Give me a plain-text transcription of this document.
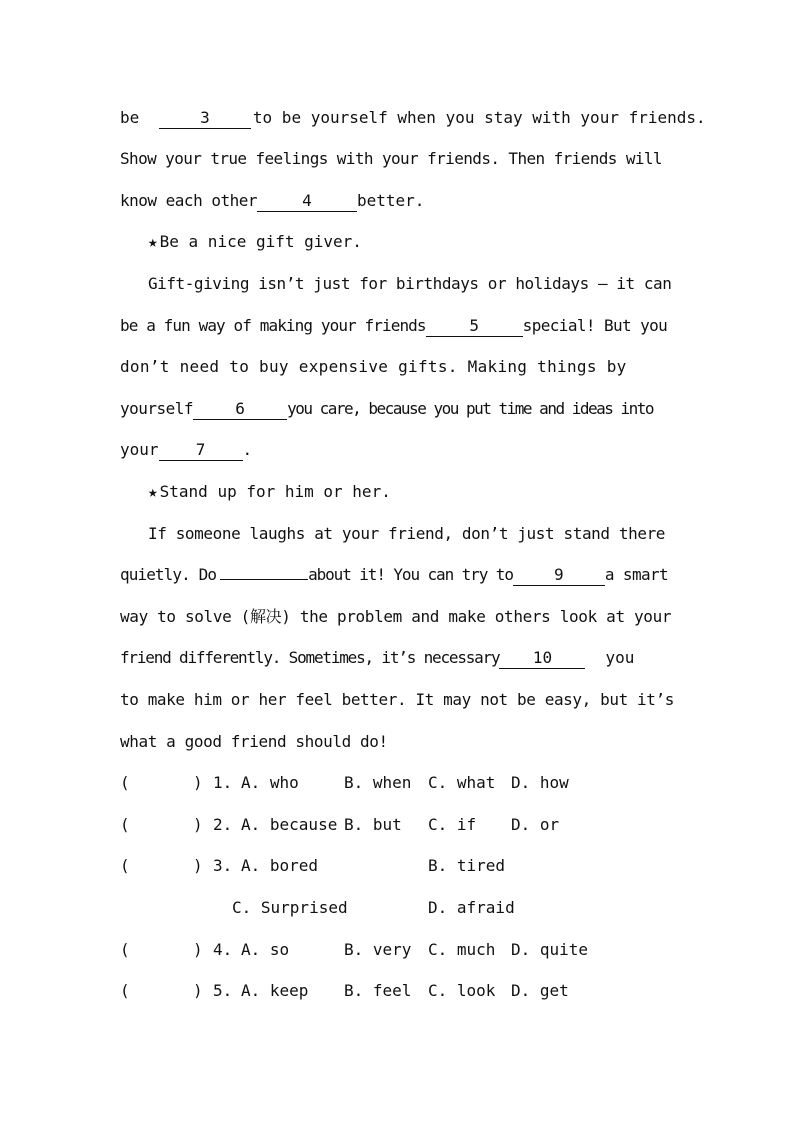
be	3	to be yourself when you stay with your friends.
Show your true feelings with your friends. Then friends will
know each other	4	better.
★ Be a nice gift giver.
Gift-giving isn’t just for birthdays or holidays — it can
be a fun way of making your friends	5	special! But you
don’t need to buy expensive gifts. Making things by
yourself	6	you care, because you put time and ideas into
your 7 .
★ Stand up for him or her.
If someone laughs at your friend, don’t just stand there
quietly. Do	about it! You can try to	9	a smart
way to solve (解决) the problem and make others look at your
friend differently. Sometimes, it’s necessary 10	you
to make him or her feel better. It may not be easy, but it’s
what a good friend should do!
(	) 1. A. who	B. when C. what D. how
(	) 2. A. because B. but C. if D. or
(	) 3. A. bored	B. tired
C. Surprised	D. afraid
(	) 4. A. so	B. very C. much D. quite
(	) 5. A. keep B. feel C. look D. get
